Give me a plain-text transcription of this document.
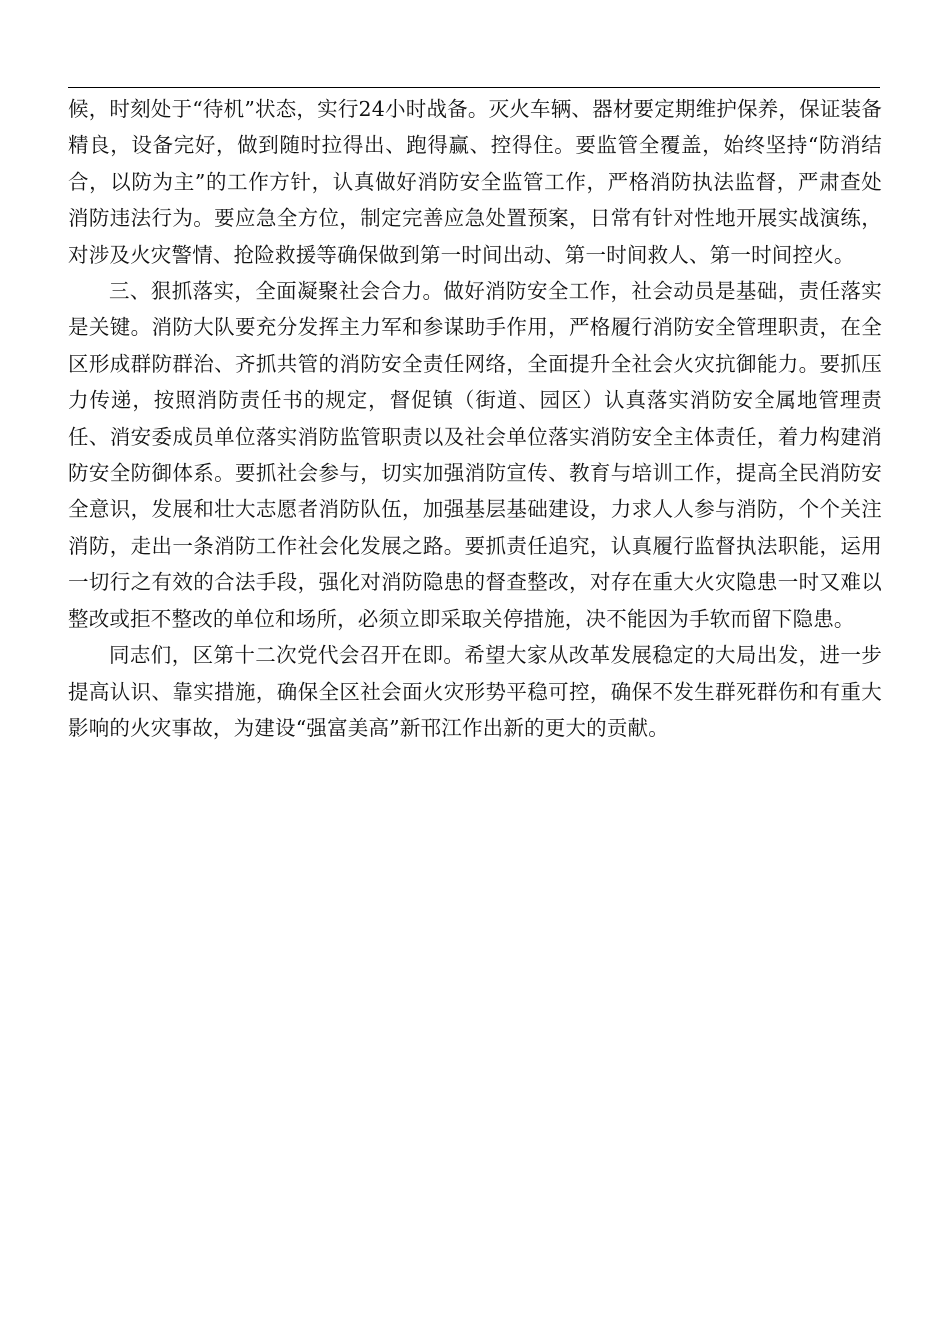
候，时刻处于“待机”状态，实行24小时战备。灭火车辆、器材要定期维护保养，保证装备精良，设备完好，做到随时拉得出、跑得赢、控得住。要监管全覆盖，始终坚持“防消结合，以防为主”的工作方针，认真做好消防安全监管工作，严格消防执法监督，严肃查处消防违法行为。要应急全方位，制定完善应急处置预案，日常有针对性地开展实战演练，对涉及火灾警情、抢险救援等确保做到第一时间出动、第一时间救人、第一时间控火。

三、狠抓落实，全面凝聚社会合力。做好消防安全工作，社会动员是基础，责任落实是关键。消防大队要充分发挥主力军和参谋助手作用，严格履行消防安全管理职责，在全区形成群防群治、齐抓共管的消防安全责任网络，全面提升全社会火灾抗御能力。要抓压力传递，按照消防责任书的规定，督促镇（街道、园区）认真落实消防安全属地管理责任、消安委成员单位落实消防监管职责以及社会单位落实消防安全主体责任，着力构建消防安全防御体系。要抓社会参与，切实加强消防宣传、教育与培训工作，提高全民消防安全意识，发展和壮大志愿者消防队伍，加强基层基础建设，力求人人参与消防，个个关注消防，走出一条消防工作社会化发展之路。要抓责任追究，认真履行监督执法职能，运用一切行之有效的合法手段，强化对消防隐患的督查整改，对存在重大火灾隐患一时又难以整改或拒不整改的单位和场所，必须立即采取关停措施，决不能因为手软而留下隐患。

同志们，区第十二次党代会召开在即。希望大家从改革发展稳定的大局出发，进一步提高认识、靠实措施，确保全区社会面火灾形势平稳可控，确保不发生群死群伤和有重大影响的火灾事故，为建设“强富美高”新邗江作出新的更大的贡献。
